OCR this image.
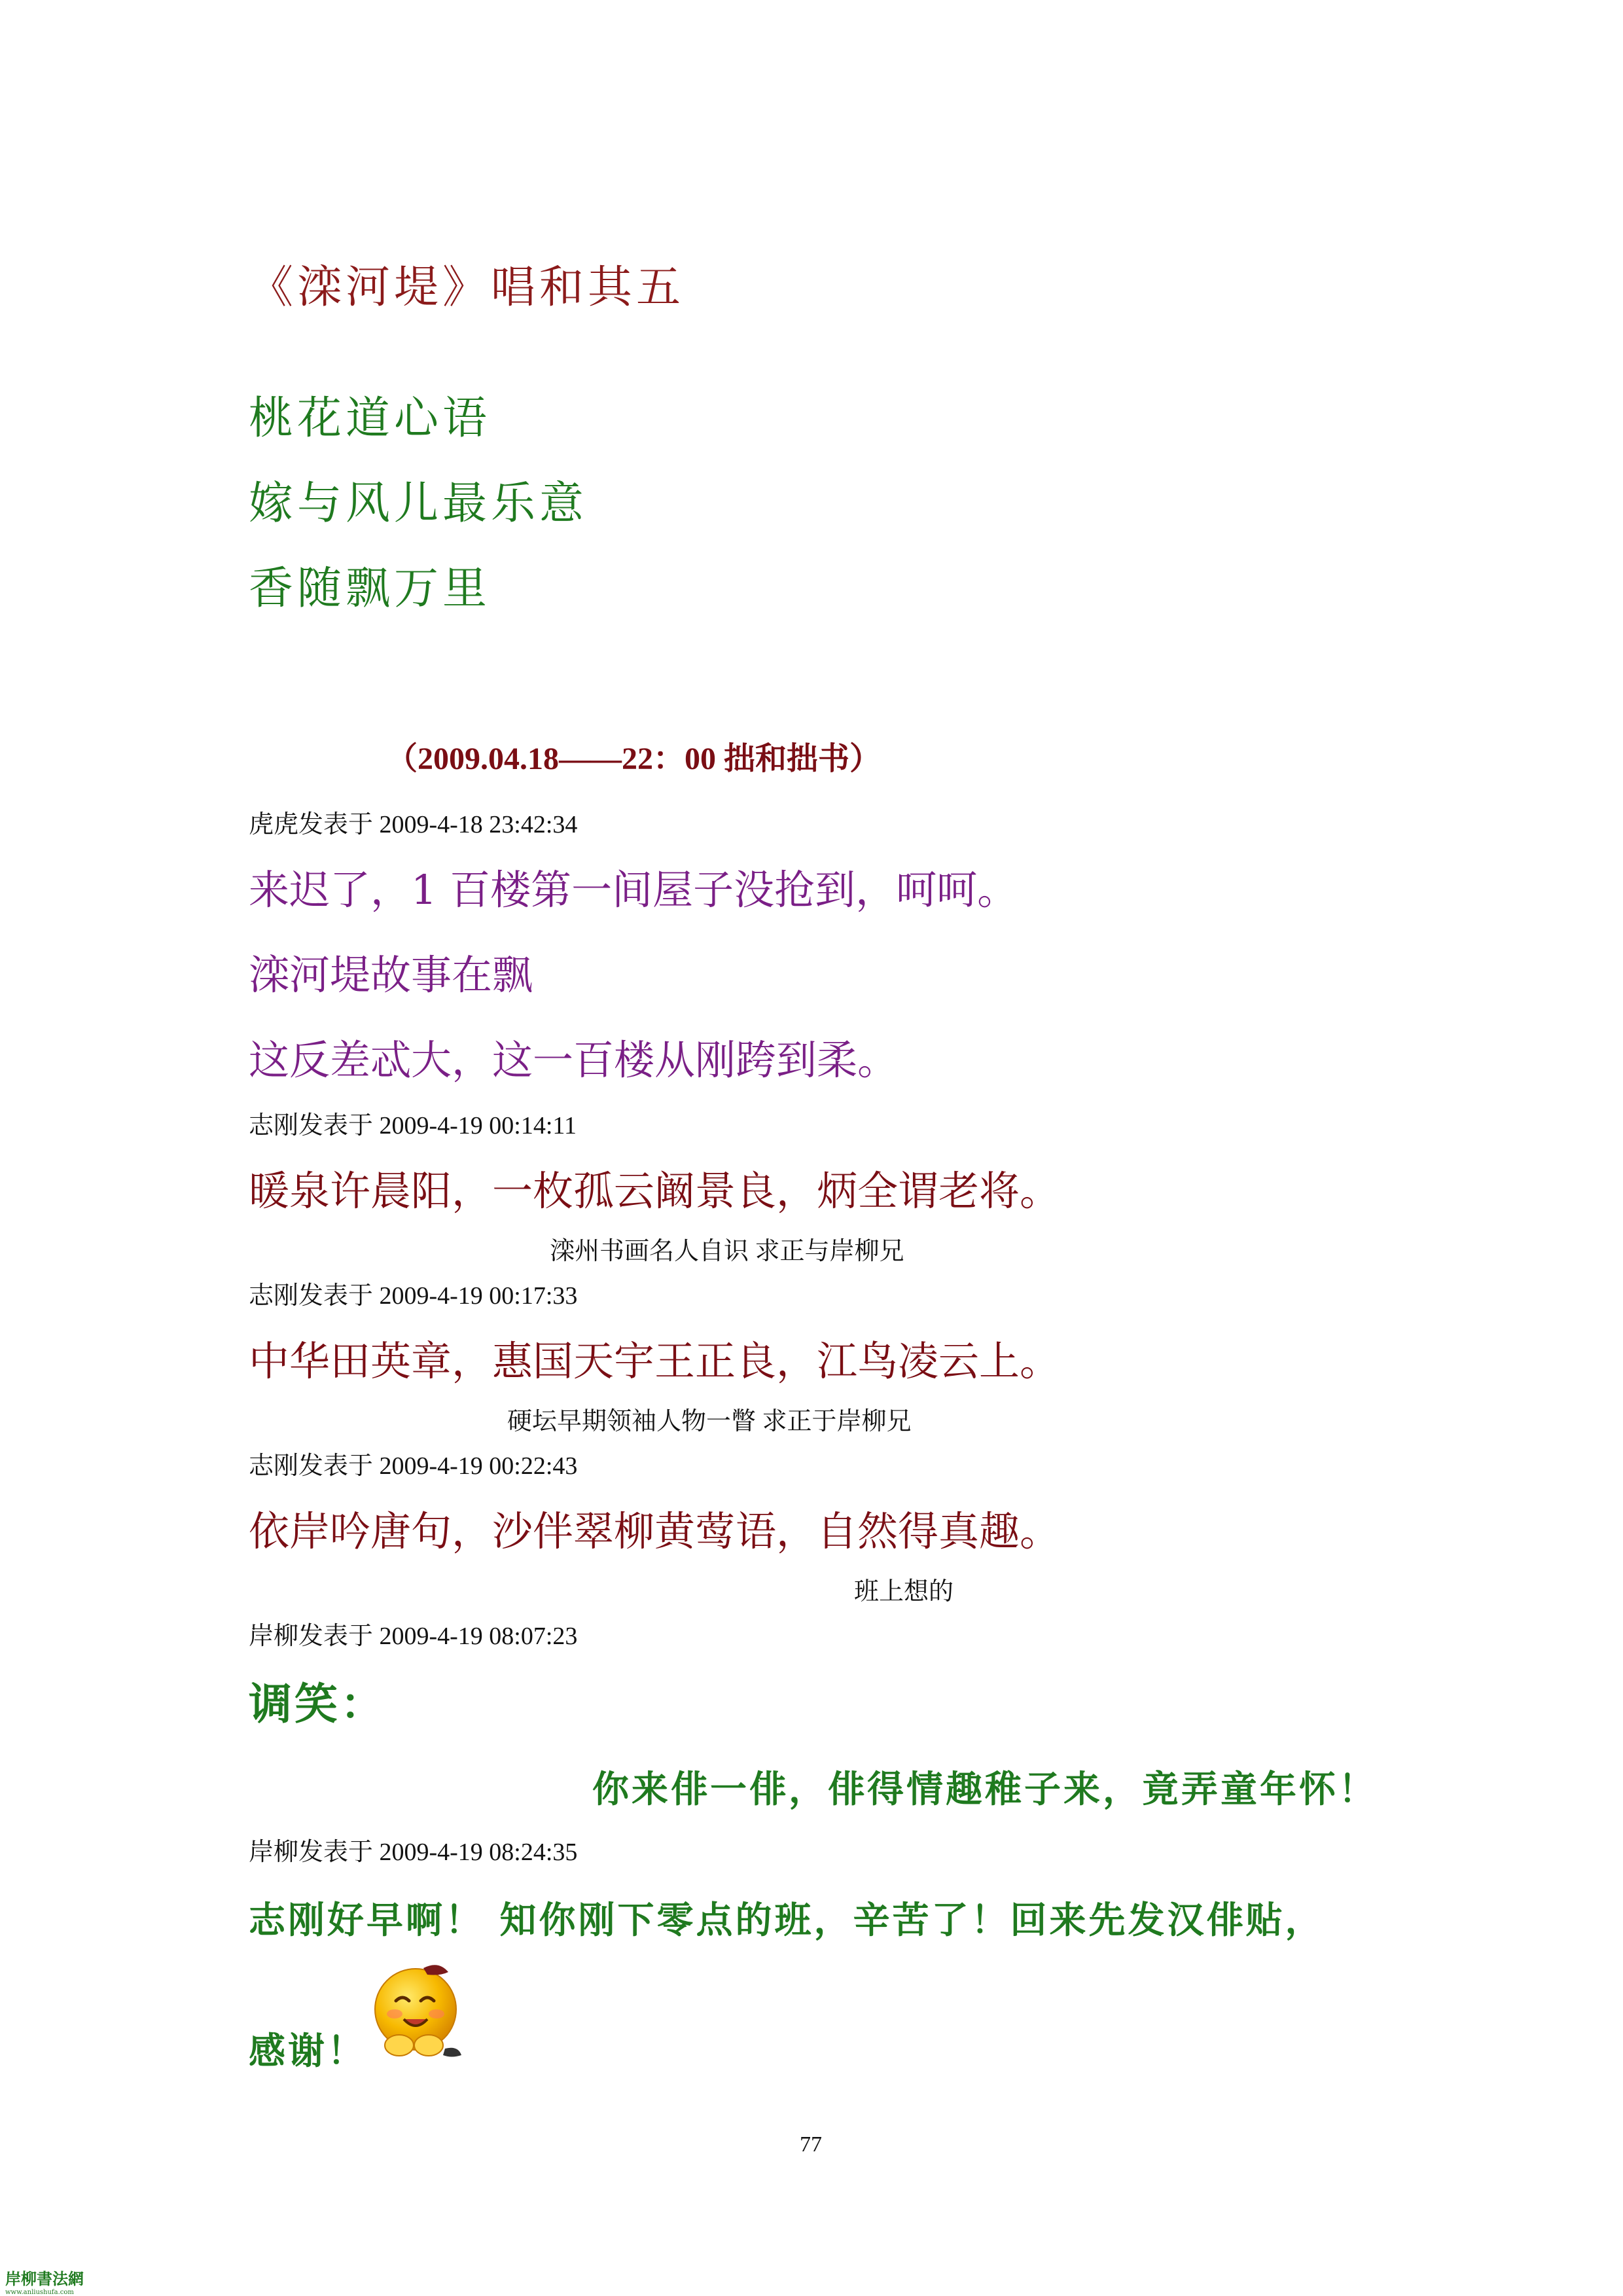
《滦河堤》唱和其五
桃花道心语
嫁与风儿最乐意
香随飘万里
（2009.04.18——22：00 拙和拙书）
虎虎发表于 2009-4-18 23:42:34
来迟了，1 百楼第一间屋子没抢到，呵呵。
滦河堤故事在飘
这反差忒大，这一百楼从刚跨到柔。
志刚发表于 2009-4-19 00:14:11
暖泉许晨阳，一枚孤云阚景良，炳全谓老将。
滦州书画名人自识 求正与岸柳兄
志刚发表于 2009-4-19 00:17:33
中华田英章，惠国天宇王正良，江鸟凌云上。
硬坛早期领袖人物一瞥 求正于岸柳兄
志刚发表于 2009-4-19 00:22:43
依岸吟唐句，沙伴翠柳黄莺语，自然得真趣。
班上想的
岸柳发表于 2009-4-19 08:07:23
调笑：
你来俳一俳，俳得情趣稚子来，竟弄童年怀！
岸柳发表于 2009-4-19 08:24:35
志刚好早啊！ 知你刚下零点的班，辛苦了！回来先发汉俳贴，
感谢！
77
岸柳書法網
www.anliushufa.com
